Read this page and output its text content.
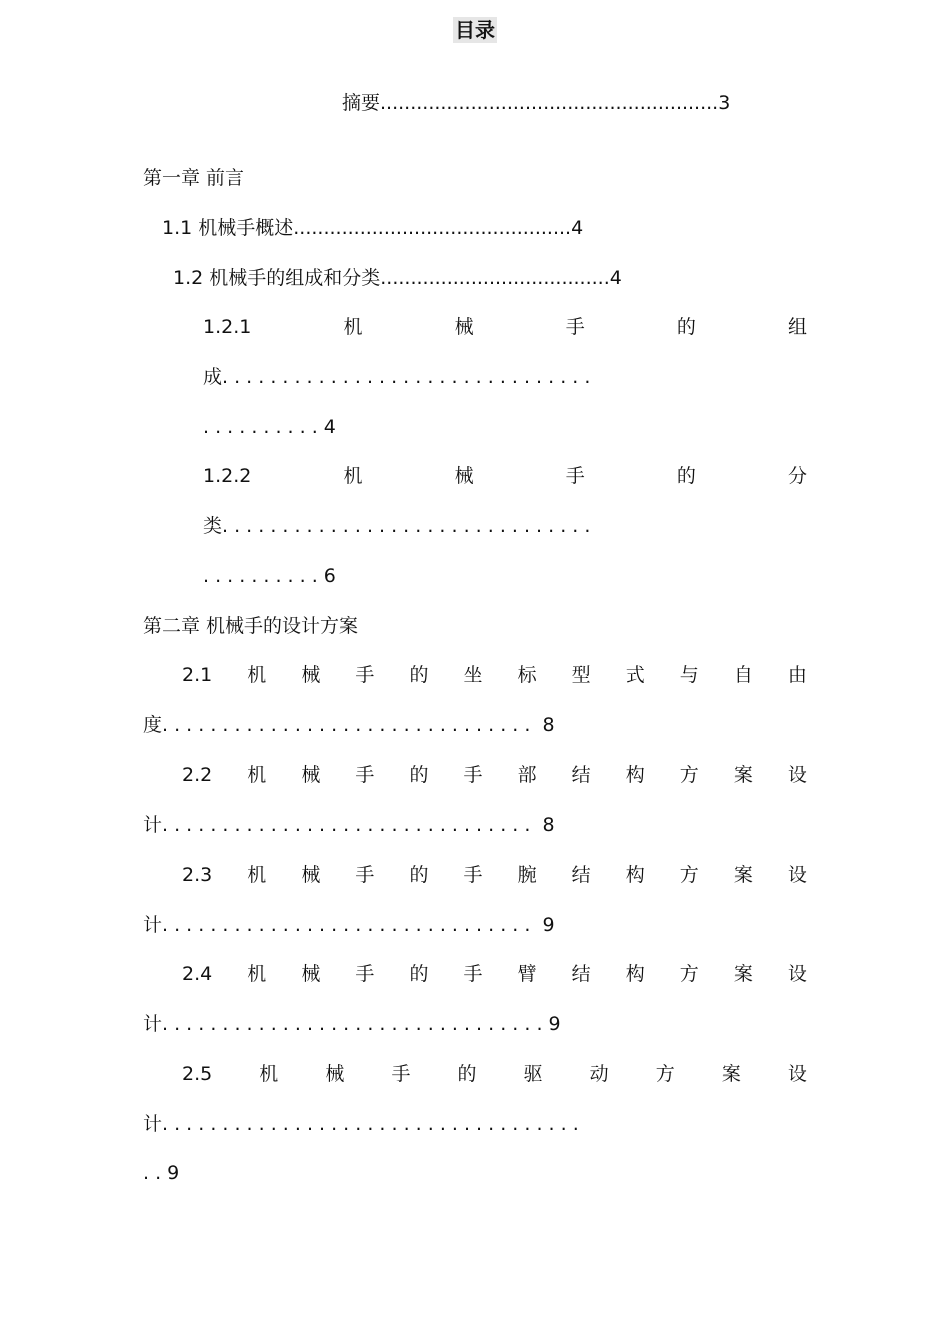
目录

摘要........................................................3

第一章 前言

1.1 机械手概述..............................................4

1.2 机械手的组成和分类......................................4

1.2.1	机	械	手	的	组

成. . . . . . . . . . . . . . . . . . . . . . . . . . . . . . .

. . . . . . . . . . 4

1.2.2	机	械	手	的	分

类. . . . . . . . . . . . . . . . . . . . . . . . . . . . . . .

. . . . . . . . . . 6

第二章 机械手的设计方案

2.1 机 械 手 的 坐 标 型 式 与 自 由

度. . . . . . . . . . . . . . . . . . . . . . . . . . . . . . .  8

2.2 机 械 手 的 手 部 结 构 方 案 设

计. . . . . . . . . . . . . . . . . . . . . . . . . . . . . . .  8

2.3 机 械 手 的 手 腕 结 构 方 案 设

计. . . . . . . . . . . . . . . . . . . . . . . . . . . . . . .  9

2.4 机 械 手 的 手 臂 结 构 方 案 设

计. . . . . . . . . . . . . . . . . . . . . . . . . . . . . . . . 9

2.5 机 械 手 的 驱 动 方 案 设

计. . . . . . . . . . . . . . . . . . . . . . . . . . . . . . . . . . .

. . 9
